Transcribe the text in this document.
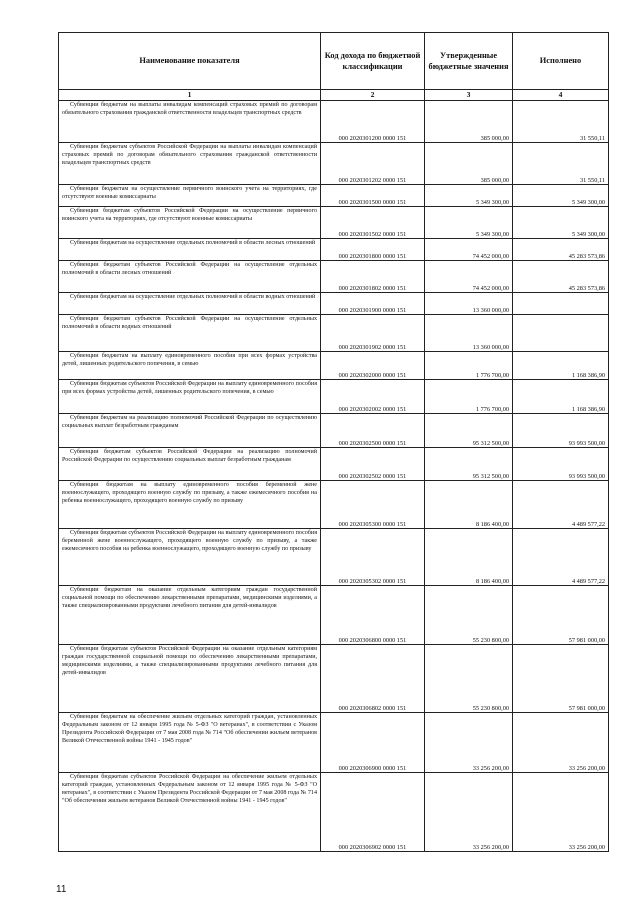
Наименование показателя	Код дохода по бюджетной классификации	Утвержденные бюджетные значения	Исполнено
1	2	3	4
Субвенции бюджетам на выплаты инвалидам компенсаций страховых премий по договорам обязательного страхования гражданской ответственности владельцев транспортных средств	000 2020301200 0000 151	385 000,00	31 550,11
Субвенции бюджетам субъектов Российской Федерации на выплаты инвалидам компенсаций страховых премий по договорам обязательного страхования гражданской ответственности владельцев транспортных средств	000 2020301202 0000 151	385 000,00	31 550,11
Субвенции бюджетам на осуществление первичного воинского учета на территориях, где отсутствуют военные комиссариаты	000 2020301500 0000 151	5 349 300,00	5 349 300,00
Субвенции бюджетам субъектов Российской Федерации на осуществление первичного воинского учета на территориях, где отсутствуют военные комиссариаты	000 2020301502 0000 151	5 349 300,00	5 349 300,00
Субвенции бюджетам на осуществление отдельных полномочий в области лесных отношений	000 2020301800 0000 151	74 452 000,00	45 283 573,86
Субвенции бюджетам субъектов Российской Федерации на осуществление отдельных полномочий в области лесных отношений	000 2020301802 0000 151	74 452 000,00	45 283 573,86
Субвенции бюджетам на осуществление отдельных полномочий в области водных отношений	000 2020301900 0000 151	13 360 000,00	
Субвенции бюджетам субъектов Российской Федерации на осуществление отдельных полномочий в области водных отношений	000 2020301902 0000 151	13 360 000,00	
Субвенции бюджетам на выплату единовременного пособия при всех формах устройства детей, лишенных родительского попечения, в семью	000 2020302000 0000 151	1 776 700,00	1 168 386,90
Субвенции бюджетам субъектов Российской Федерации на выплату единовременного пособия при всех формах устройства детей, лишенных родительского попечения, в семью	000 2020302002 0000 151	1 776 700,00	1 168 386,90
Субвенции бюджетам на реализацию полномочий Российской Федерации по осуществлению социальных выплат безработным гражданам	000 2020302500 0000 151	95 312 500,00	93 993 500,00
Субвенции бюджетам субъектов Российской Федерации на реализацию полномочий Российской Федерации по осуществлению социальных выплат безработным гражданам	000 2020302502 0000 151	95 312 500,00	93 993 500,00
Субвенции бюджетам на выплату единовременного пособия беременной жене военнослужащего, проходящего военную службу по призыву, а также ежемесячного пособия на ребенка военнослужащего, проходящего военную службу по призыву	000 2020305300 0000 151	8 186 400,00	4 489 577,22
Субвенции бюджетам субъектов Российской Федерации на выплату единовременного пособия беременной жене военнослужащего, проходящего военную службу по призыву, а также ежемесячного пособия на ребенка военнослужащего, проходящего военную службу по призыву	000 2020305302 0000 151	8 186 400,00	4 489 577,22
Субвенции бюджетам на оказание отдельным категориям граждан государственной социальной помощи по обеспечению лекарственными препаратами, медицинскими изделиями, а также специализированными продуктами лечебного питания для детей-инвалидов	000 2020306800 0000 151	55 230 800,00	57 981 000,00
Субвенции бюджетам субъектов Российской Федерации на оказание отдельным категориям граждан государственной социальной помощи по обеспечению лекарственными препаратами, медицинскими изделиями, а также специализированными продуктами лечебного питания для детей-инвалидов	000 2020306802 0000 151	55 230 800,00	57 981 000,00
Субвенции бюджетам на обеспечение жильем отдельных категорий граждан, установленных Федеральным законом от 12 января 1995 года № 5-ФЗ "О ветеранах", в соответствии с Указом Президента Российской Федерации от 7 мая 2008 года № 714 "Об обеспечении жильем ветеранов Великой Отечественной войны 1941 - 1945 годов"	000 2020306900 0000 151	33 256 200,00	33 256 200,00
Субвенции бюджетам субъектов Российской Федерации на обеспечение жильем отдельных категорий граждан, установленных Федеральным законом от 12 января 1995 года № 5-ФЗ "О ветеранах", в соответствии с Указом Президента Российской Федерации от 7 мая 2008 года № 714 "Об обеспечении жильем ветеранов Великой Отечественной войны 1941 - 1945 годов"	000 2020306902 0000 151	33 256 200,00	33 256 200,00
11
